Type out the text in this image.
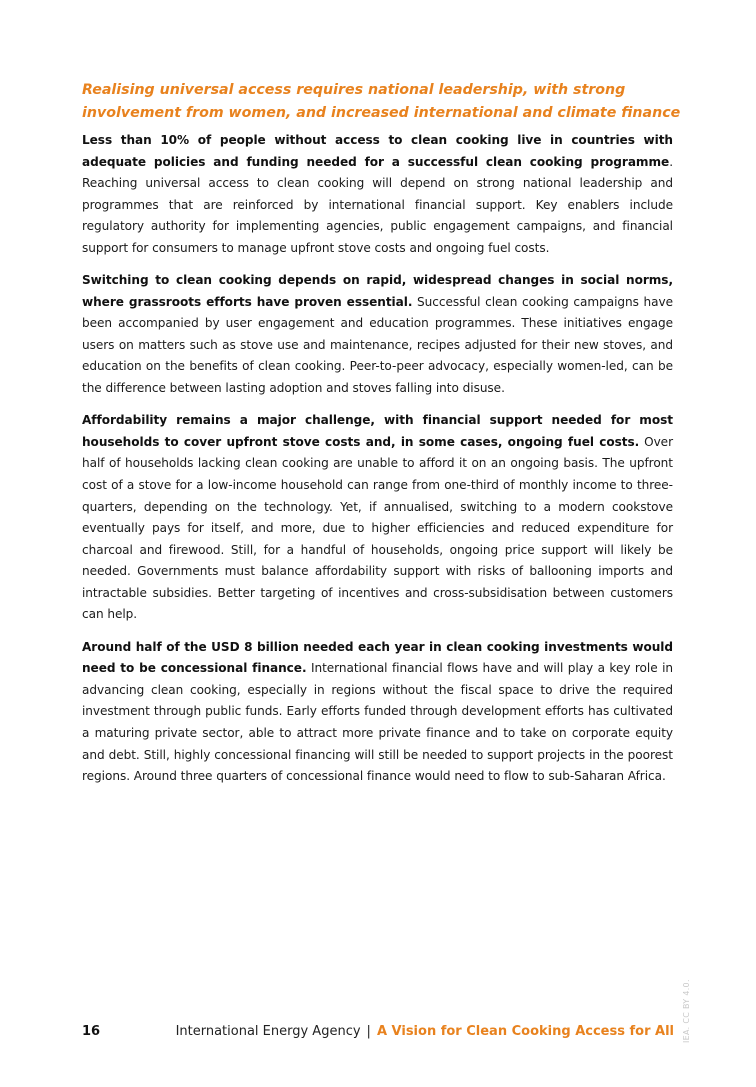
Realising universal access requires national leadership, with strong involvement from women, and increased international and climate finance

Less than 10% of people without access to clean cooking live in countries with adequate policies and funding needed for a successful clean cooking programme. Reaching universal access to clean cooking will depend on strong national leadership and programmes that are reinforced by international financial support. Key enablers include regulatory authority for implementing agencies, public engagement campaigns, and financial support for consumers to manage upfront stove costs and ongoing fuel costs.

Switching to clean cooking depends on rapid, widespread changes in social norms, where grassroots efforts have proven essential. Successful clean cooking campaigns have been accompanied by user engagement and education programmes. These initiatives engage users on matters such as stove use and maintenance, recipes adjusted for their new stoves, and education on the benefits of clean cooking. Peer-to-peer advocacy, especially women-led, can be the difference between lasting adoption and stoves falling into disuse.

Affordability remains a major challenge, with financial support needed for most households to cover upfront stove costs and, in some cases, ongoing fuel costs. Over half of households lacking clean cooking are unable to afford it on an ongoing basis. The upfront cost of a stove for a low-income household can range from one-third of monthly income to three-quarters, depending on the technology. Yet, if annualised, switching to a modern cookstove eventually pays for itself, and more, due to higher efficiencies and reduced expenditure for charcoal and firewood. Still, for a handful of households, ongoing price support will likely be needed. Governments must balance affordability support with risks of ballooning imports and intractable subsidies. Better targeting of incentives and cross-subsidisation between customers can help.

Around half of the USD 8 billion needed each year in clean cooking investments would need to be concessional finance. International financial flows have and will play a key role in advancing clean cooking, especially in regions without the fiscal space to drive the required investment through public funds. Early efforts funded through development efforts has cultivated a maturing private sector, able to attract more private finance and to take on corporate equity and debt. Still, highly concessional financing will still be needed to support projects in the poorest regions. Around three quarters of concessional finance would need to flow to sub-Saharan Africa.

16	International Energy Agency | A Vision for Clean Cooking Access for All IEA. CC BY 4.0.
